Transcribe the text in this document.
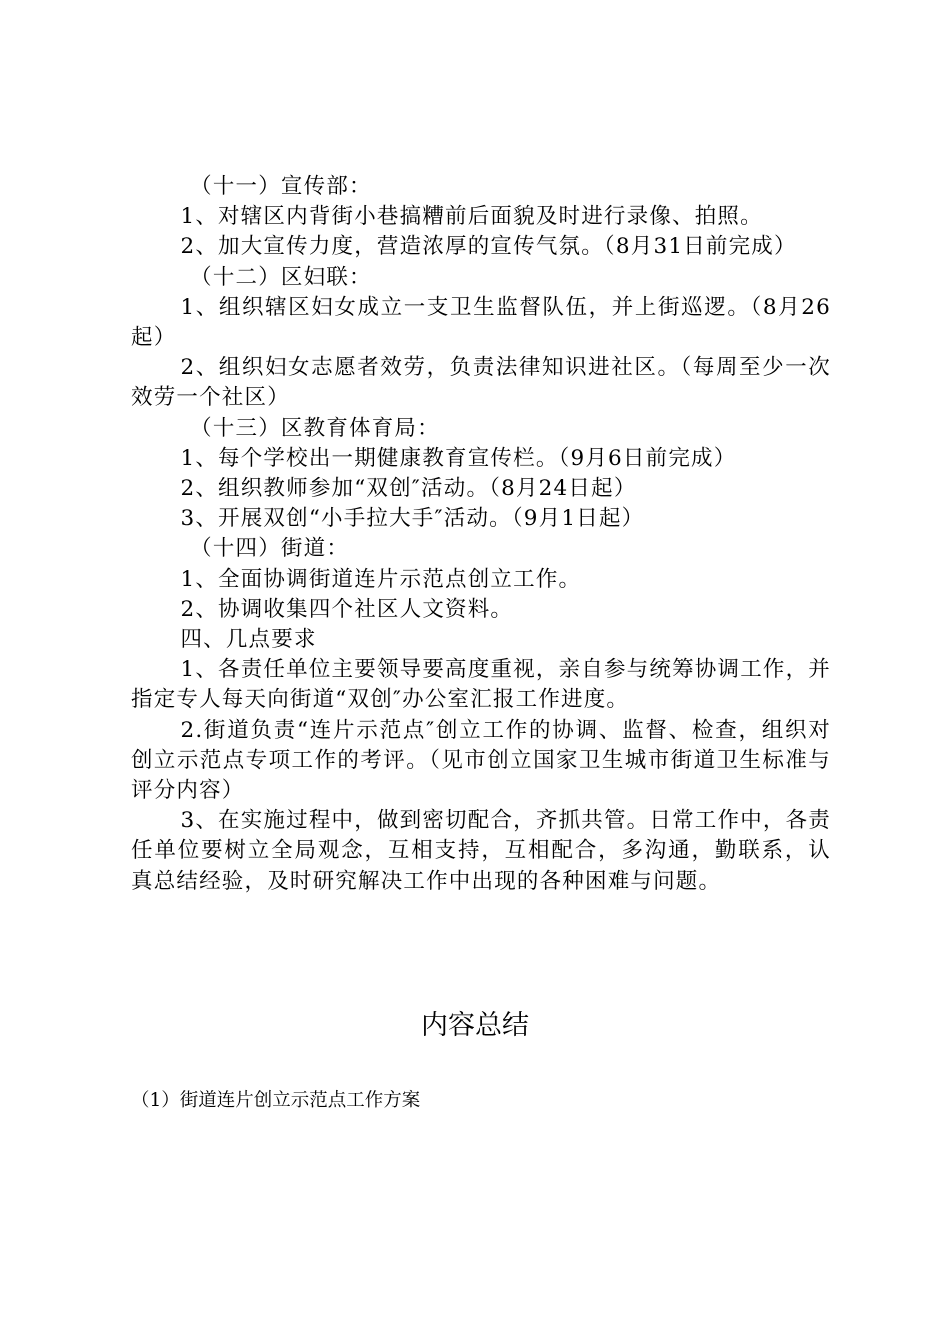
（十一）宣传部：

1、对辖区内背街小巷搞糟前后面貌及时进行录像、拍照。

2、加大宣传力度，营造浓厚的宣传气氛。（8月31日前完成）

（十二）区妇联：

1、组织辖区妇女成立一支卫生监督队伍，并上街巡逻。（8月26起）

2、组织妇女志愿者效劳，负责法律知识进社区。（每周至少一次效劳一个社区）

（十三）区教育体育局：

1、每个学校出一期健康教育宣传栏。（9月6日前完成）

2、组织教师参加“双创″活动。（8月24日起）

3、开展双创“小手拉大手″活动。（9月1日起）

（十四）街道：

1、全面协调街道连片示范点创立工作。

2、协调收集四个社区人文资料。

四、几点要求

1、各责任单位主要领导要高度重视，亲自参与统筹协调工作，并指定专人每天向街道“双创″办公室汇报工作进度。

2.街道负责“连片示范点″创立工作的协调、监督、检查，组织对创立示范点专项工作的考评。（见市创立国家卫生城市街道卫生标准与评分内容）

3、在实施过程中，做到密切配合，齐抓共管。日常工作中，各责任单位要树立全局观念，互相支持，互相配合，多沟通，勤联系，认真总结经验，及时研究解决工作中出现的各种困难与问题。

内容总结

（1）街道连片创立示范点工作方案
